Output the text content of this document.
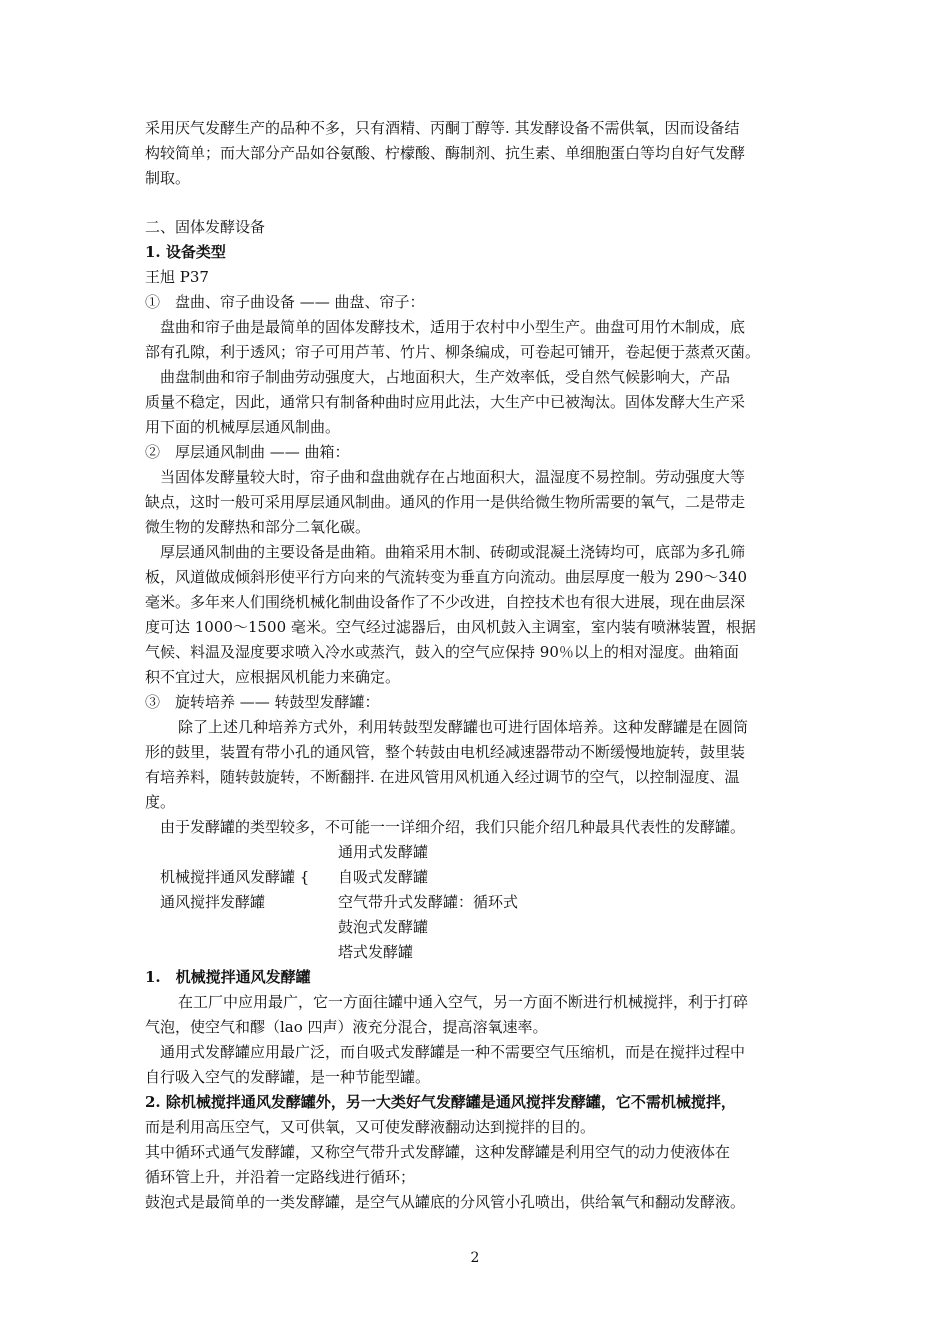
采用厌气发酵生产的品种不多，只有酒精、丙酮丁醇等. 其发酵设备不需供氧，因而设备结
构较简单；而大部分产品如谷氨酸、柠檬酸、酶制剂、抗生素、单细胞蛋白等均自好气发酵
制取。
二、固体发酵设备
1. 设备类型
王旭 P37
①　盘曲、帘子曲设备 —— 曲盘、帘子：
盘曲和帘子曲是最简单的固体发酵技术，适用于农村中小型生产。曲盘可用竹木制成，底
部有孔隙，利于透风；帘子可用芦苇、竹片、柳条编成，可卷起可铺开，卷起便于蒸煮灭菌。
曲盘制曲和帘子制曲劳动强度大，占地面积大，生产效率低，受自然气候影响大，产品
质量不稳定，因此，通常只有制备种曲时应用此法，大生产中已被淘汰。固体发酵大生产采
用下面的机械厚层通风制曲。
②　厚层通风制曲 —— 曲箱：
当固体发酵量较大时，帘子曲和盘曲就存在占地面积大，温湿度不易控制。劳动强度大等
缺点，这时一般可采用厚层通风制曲。通风的作用一是供给微生物所需要的氧气，二是带走
微生物的发酵热和部分二氧化碳。
厚层通风制曲的主要设备是曲箱。曲箱采用木制、砖砌或混凝土浇铸均可，底部为多孔筛
板，风道做成倾斜形使平行方向来的气流转变为垂直方向流动。曲层厚度一般为 290～340
毫米。多年来人们围绕机械化制曲设备作了不少改进，自控技术也有很大进展，现在曲层深
度可达 1000～1500 毫米。空气经过滤器后，由风机鼓入主调室，室内装有喷淋装置，根据
气候、料温及湿度要求喷入冷水或蒸汽，鼓入的空气应保持 90％以上的相对湿度。曲箱面
积不宜过大，应根据风机能力来确定。
③　旋转培养 —— 转鼓型发酵罐：
除了上述几种培养方式外，利用转鼓型发酵罐也可进行固体培养。这种发酵罐是在圆筒
形的鼓里，装置有带小孔的通风管，整个转鼓由电机经减速器带动不断缓慢地旋转，鼓里装
有培养料，随转鼓旋转，不断翻拌. 在进风管用风机通入经过调节的空气，以控制湿度、温
度。
由于发酵罐的类型较多，不可能一一详细介绍，我们只能介绍几种最具代表性的发酵罐。
通用式发酵罐
机械搅拌通风发酵罐 { 自吸式发酵罐
通风搅拌发酵罐	空气带升式发酵罐：循环式
鼓泡式发酵罐
塔式发酵罐
1.　机械搅拌通风发酵罐
在工厂中应用最广，它一方面往罐中通入空气，另一方面不断进行机械搅拌，利于打碎
气泡，使空气和醪（lao 四声）液充分混合，提高溶氧速率。
通用式发酵罐应用最广泛，而自吸式发酵罐是一种不需要空气压缩机，而是在搅拌过程中
自行吸入空气的发酵罐，是一种节能型罐。
2. 除机械搅拌通风发酵罐外，另一大类好气发酵罐是通风搅拌发酵罐，它不需机械搅拌，
而是利用高压空气，又可供氧，又可使发酵液翻动达到搅拌的目的。
其中循环式通气发酵罐，又称空气带升式发酵罐，这种发酵罐是利用空气的动力使液体在
循环管上升，并沿着一定路线进行循环；
鼓泡式是最简单的一类发酵罐，是空气从罐底的分风管小孔喷出，供给氧气和翻动发酵液。
2
